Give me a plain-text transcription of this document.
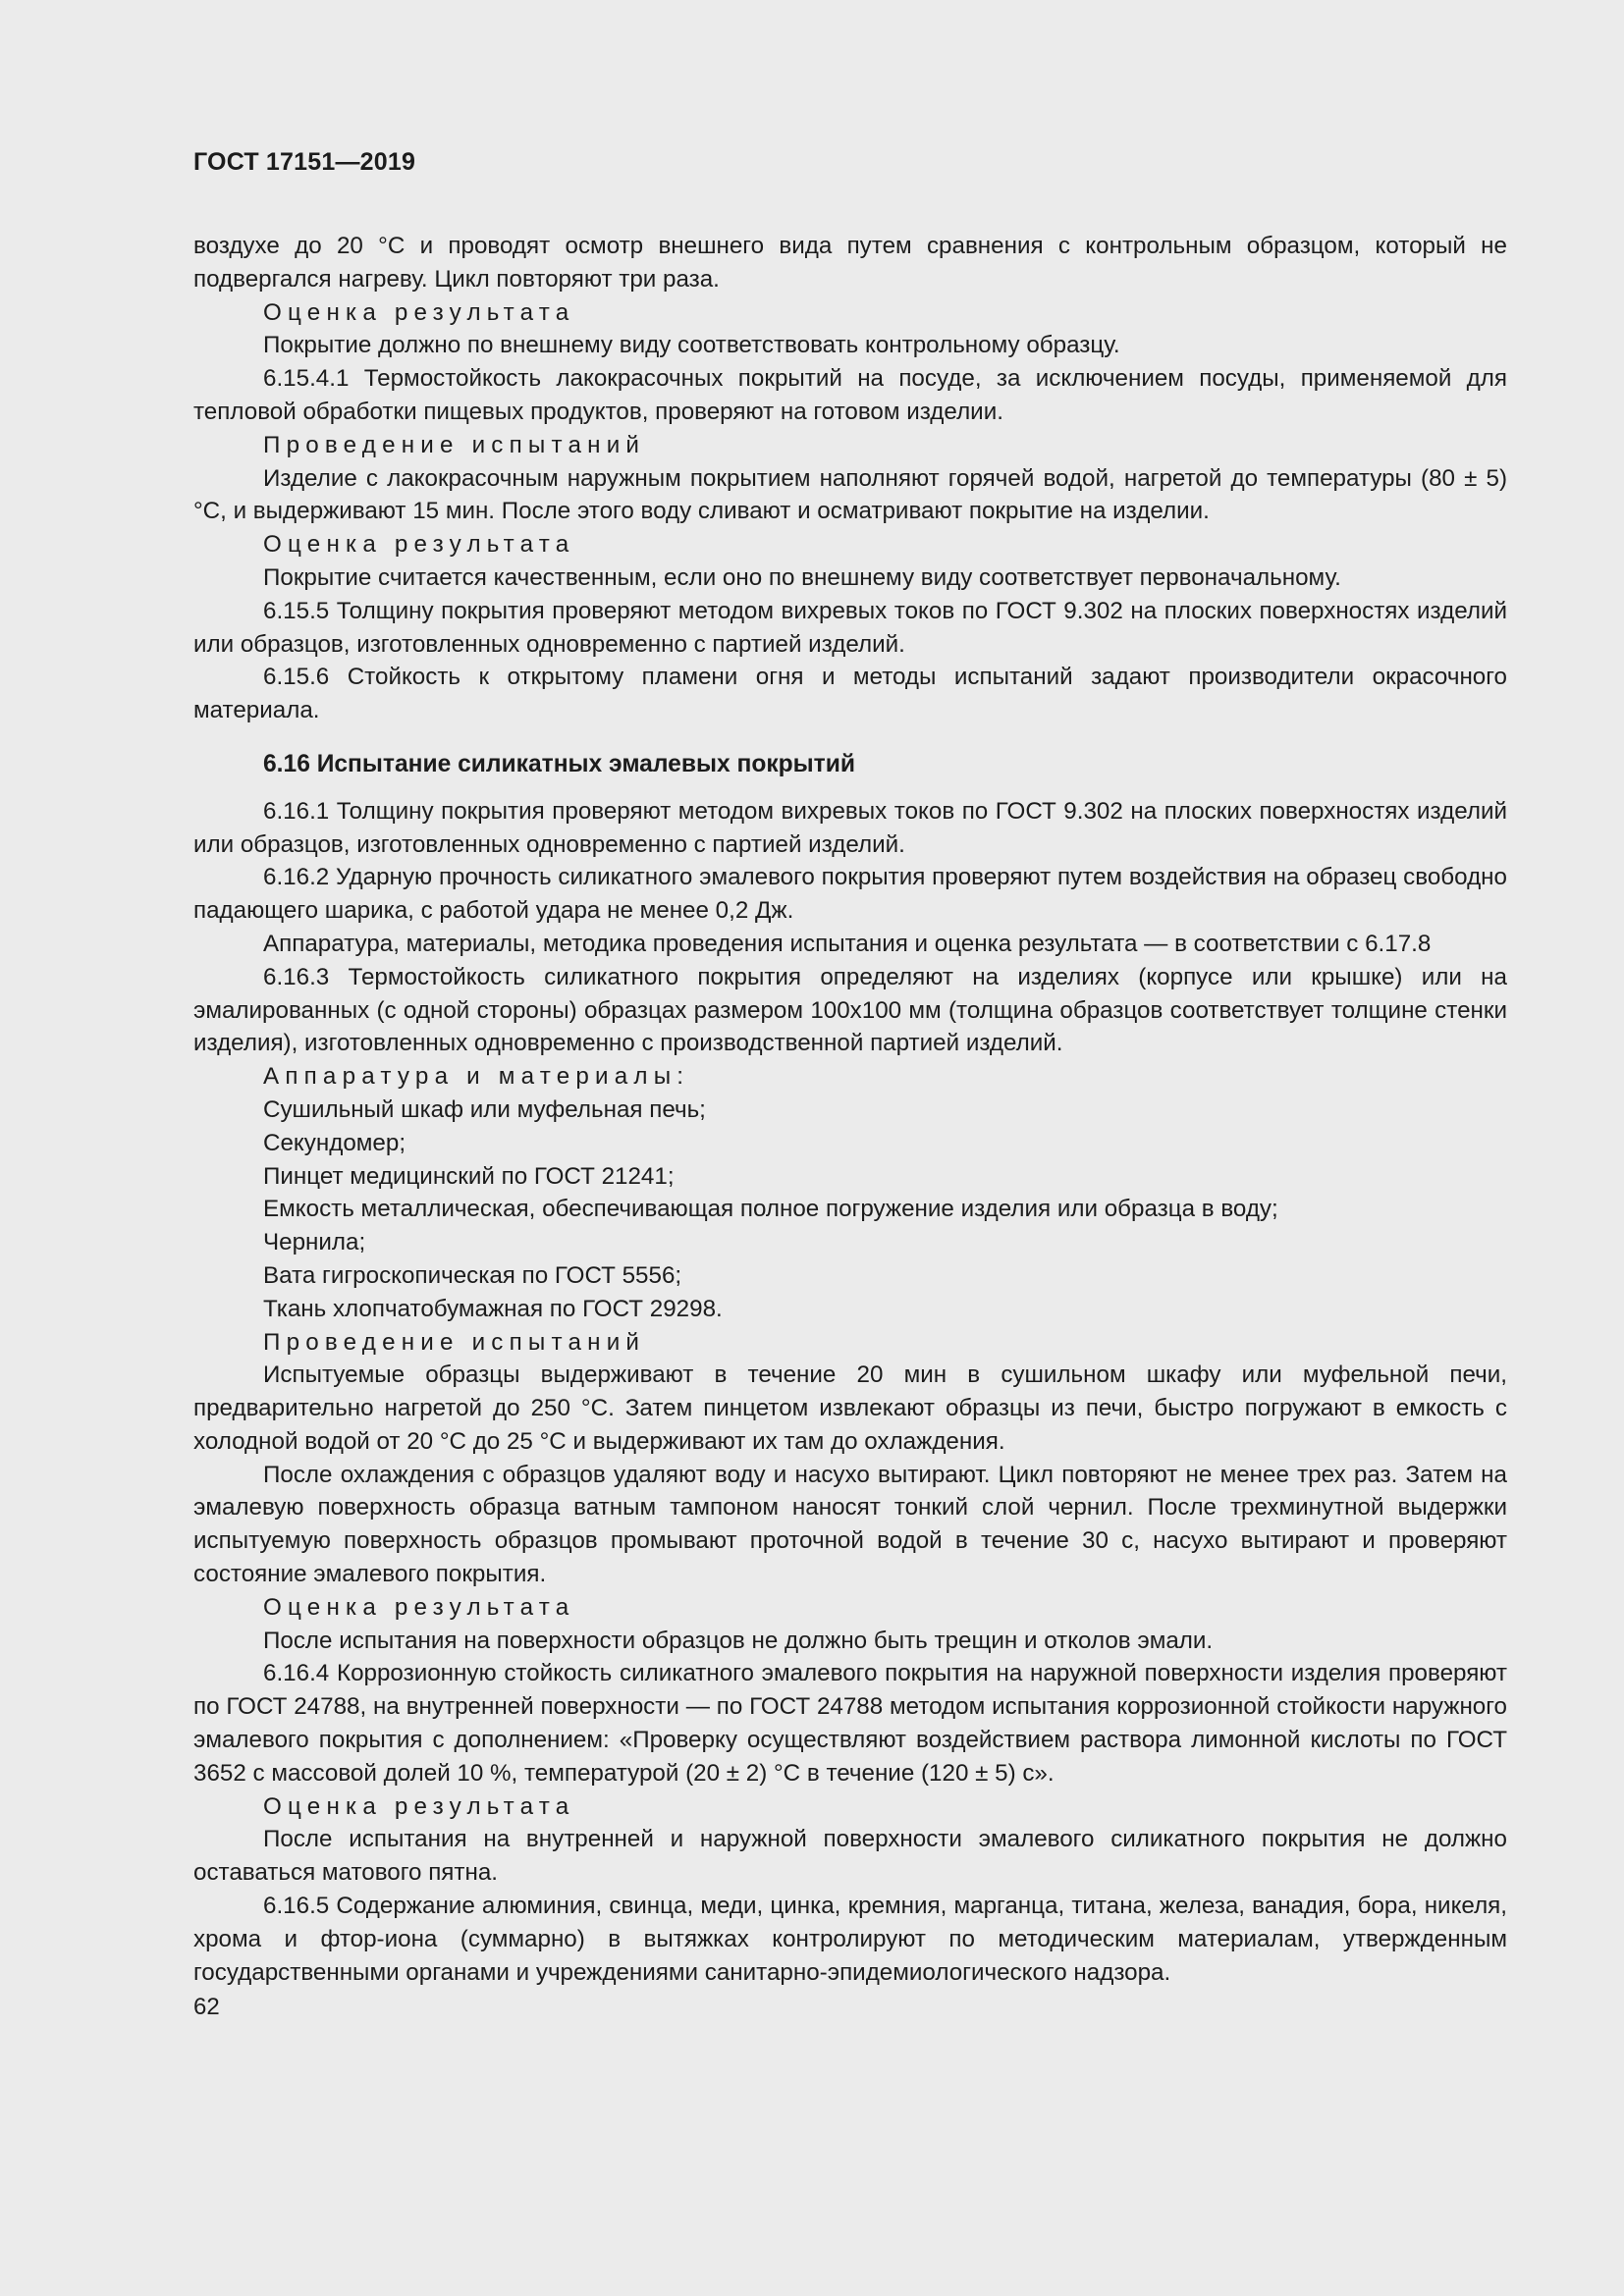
ГОСТ 17151—2019

воздухе до 20 °С и проводят осмотр внешнего вида путем сравнения с контрольным образцом, который не подвергался нагреву. Цикл повторяют три раза.

Оценка результата

Покрытие должно по внешнему виду соответствовать контрольному образцу.

6.15.4.1 Термостойкость лакокрасочных покрытий на посуде, за исключением посуды, применяемой для тепловой обработки пищевых продуктов, проверяют на готовом изделии.

Проведение испытаний

Изделие с лакокрасочным наружным покрытием наполняют горячей водой, нагретой до температуры (80 ± 5) °С, и выдерживают 15 мин. После этого воду сливают и осматривают покрытие на изделии.

Оценка результата

Покрытие считается качественным, если оно по внешнему виду соответствует первоначальному.

6.15.5 Толщину покрытия проверяют методом вихревых токов по ГОСТ 9.302 на плоских поверхностях изделий или образцов, изготовленных одновременно с партией изделий.

6.15.6 Стойкость к открытому пламени огня и методы испытаний задают производители окрасочного материала.

6.16 Испытание силикатных эмалевых покрытий

6.16.1 Толщину покрытия проверяют методом вихревых токов по ГОСТ 9.302 на плоских поверхностях изделий или образцов, изготовленных одновременно с партией изделий.

6.16.2 Ударную прочность силикатного эмалевого покрытия проверяют путем воздействия на образец свободно падающего шарика, с работой удара не менее 0,2 Дж.

Аппаратура, материалы, методика проведения испытания и оценка результата — в соответствии с 6.17.8

6.16.3 Термостойкость силикатного покрытия определяют на изделиях (корпусе или крышке) или на эмалированных (с одной стороны) образцах размером 100х100 мм (толщина образцов соответствует толщине стенки изделия), изготовленных одновременно с производственной партией изделий.

Аппаратура и материалы:

Сушильный шкаф или муфельная печь;

Секундомер;

Пинцет медицинский по ГОСТ 21241;

Емкость металлическая, обеспечивающая полное погружение изделия или образца в воду;

Чернила;

Вата гигроскопическая по ГОСТ 5556;

Ткань хлопчатобумажная по ГОСТ 29298.

Проведение испытаний

Испытуемые образцы выдерживают в течение 20 мин в сушильном шкафу или муфельной печи, предварительно нагретой до 250 °С. Затем пинцетом извлекают образцы из печи, быстро погружают в емкость с холодной водой от 20 °С до 25 °С и выдерживают их там до охлаждения.

После охлаждения с образцов удаляют воду и насухо вытирают. Цикл повторяют не менее трех раз. Затем на эмалевую поверхность образца ватным тампоном наносят тонкий слой чернил. После трехминутной выдержки испытуемую поверхность образцов промывают проточной водой в течение 30 с, насухо вытирают и проверяют состояние эмалевого покрытия.

Оценка результата

После испытания на поверхности образцов не должно быть трещин и отколов эмали.

6.16.4 Коррозионную стойкость силикатного эмалевого покрытия на наружной поверхности изделия проверяют по ГОСТ 24788, на внутренней поверхности — по ГОСТ 24788 методом испытания коррозионной стойкости наружного эмалевого покрытия с дополнением: «Проверку осуществляют воздействием раствора лимонной кислоты по ГОСТ 3652 с массовой долей 10 %, температурой (20 ± 2) °С в течение (120 ± 5) с».

Оценка результата

После испытания на внутренней и наружной поверхности эмалевого силикатного покрытия не должно оставаться матового пятна.

6.16.5 Содержание алюминия, свинца, меди, цинка, кремния, марганца, титана, железа, ванадия, бора, никеля, хрома и фтор-иона (суммарно) в вытяжках контролируют по методическим материалам, утвержденным государственными органами и учреждениями санитарно-эпидемиологического надзора.

62
